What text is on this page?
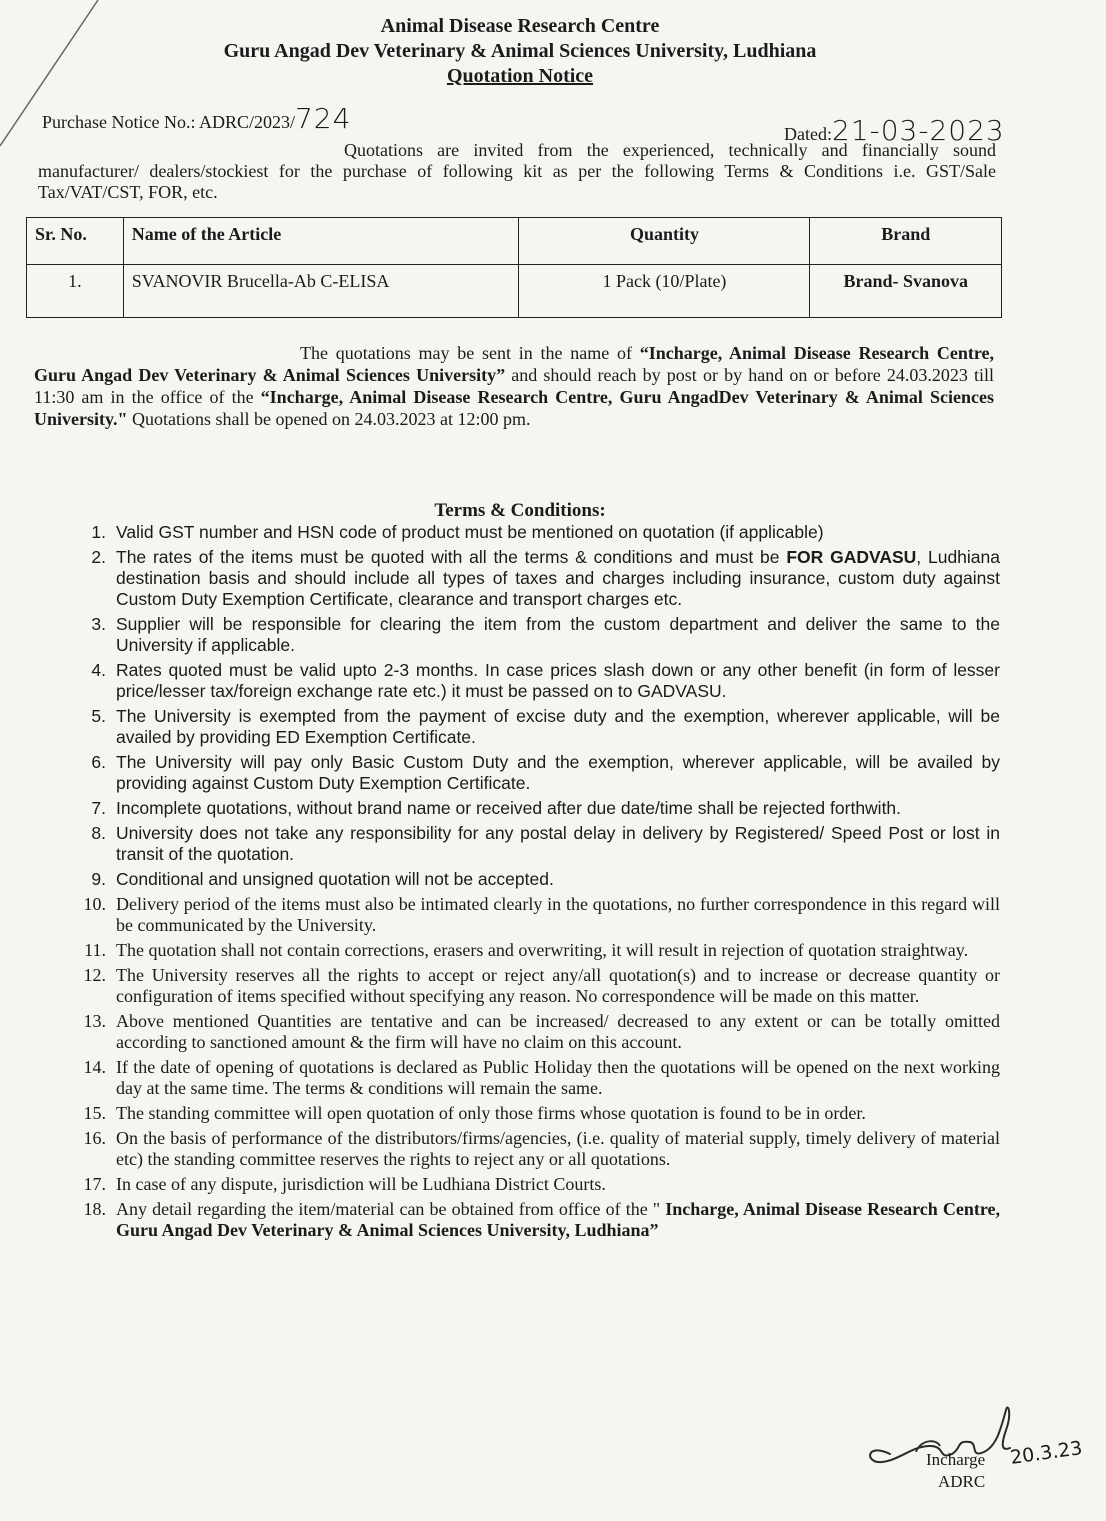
Animal Disease Research Centre
Guru Angad Dev Veterinary & Animal Sciences University, Ludhiana
Quotation Notice
Purchase Notice No.: ADRC/2023/724	Dated:21-03-2023
Quotations are invited from the experienced, technically and financially sound manufacturer/ dealers/stockiest for the purchase of following kit as per the following Terms & Conditions i.e. GST/Sale Tax/VAT/CST, FOR, etc.
Sr. No.	Name of the Article	Quantity	Brand
1.	SVANOVIR Brucella-Ab C-ELISA	1 Pack (10/Plate)	Brand- Svanova
The quotations may be sent in the name of “Incharge, Animal Disease Research Centre, Guru Angad Dev Veterinary & Animal Sciences University” and should reach by post or by hand on or before 24.03.2023 till 11:30 am in the office of the “Incharge, Animal Disease Research Centre, Guru AngadDev Veterinary & Animal Sciences University." Quotations shall be opened on 24.03.2023 at 12:00 pm.
Terms & Conditions:
1. Valid GST number and HSN code of product must be mentioned on quotation (if applicable)
2. The rates of the items must be quoted with all the terms & conditions and must be FOR GADVASU, Ludhiana destination basis and should include all types of taxes and charges including insurance, custom duty against Custom Duty Exemption Certificate, clearance and transport charges etc.
3. Supplier will be responsible for clearing the item from the custom department and deliver the same to the University if applicable.
4. Rates quoted must be valid upto 2-3 months. In case prices slash down or any other benefit (in form of lesser price/lesser tax/foreign exchange rate etc.) it must be passed on to GADVASU.
5. The University is exempted from the payment of excise duty and the exemption, wherever applicable, will be availed by providing ED Exemption Certificate.
6. The University will pay only Basic Custom Duty and the exemption, wherever applicable, will be availed by providing against Custom Duty Exemption Certificate.
7. Incomplete quotations, without brand name or received after due date/time shall be rejected forthwith.
8. University does not take any responsibility for any postal delay in delivery by Registered/ Speed Post or lost in transit of the quotation.
9. Conditional and unsigned quotation will not be accepted.
10. Delivery period of the items must also be intimated clearly in the quotations, no further correspondence in this regard will be communicated by the University.
11. The quotation shall not contain corrections, erasers and overwriting, it will result in rejection of quotation straightway.
12. The University reserves all the rights to accept or reject any/all quotation(s) and to increase or decrease quantity or configuration of items specified without specifying any reason. No correspondence will be made on this matter.
13. Above mentioned Quantities are tentative and can be increased/ decreased to any extent or can be totally omitted according to sanctioned amount & the firm will have no claim on this account.
14. If the date of opening of quotations is declared as Public Holiday then the quotations will be opened on the next working day at the same time. The terms & conditions will remain the same.
15. The standing committee will open quotation of only those firms whose quotation is found to be in order.
16. On the basis of performance of the distributors/firms/agencies, (i.e. quality of material supply, timely delivery of material etc) the standing committee reserves the rights to reject any or all quotations.
17. In case of any dispute, jurisdiction will be Ludhiana District Courts.
18. Any detail regarding the item/material can be obtained from office of the " Incharge, Animal Disease Research Centre, Guru Angad Dev Veterinary & Animal Sciences University, Ludhiana”
Incharge 20.3.23
ADRC
